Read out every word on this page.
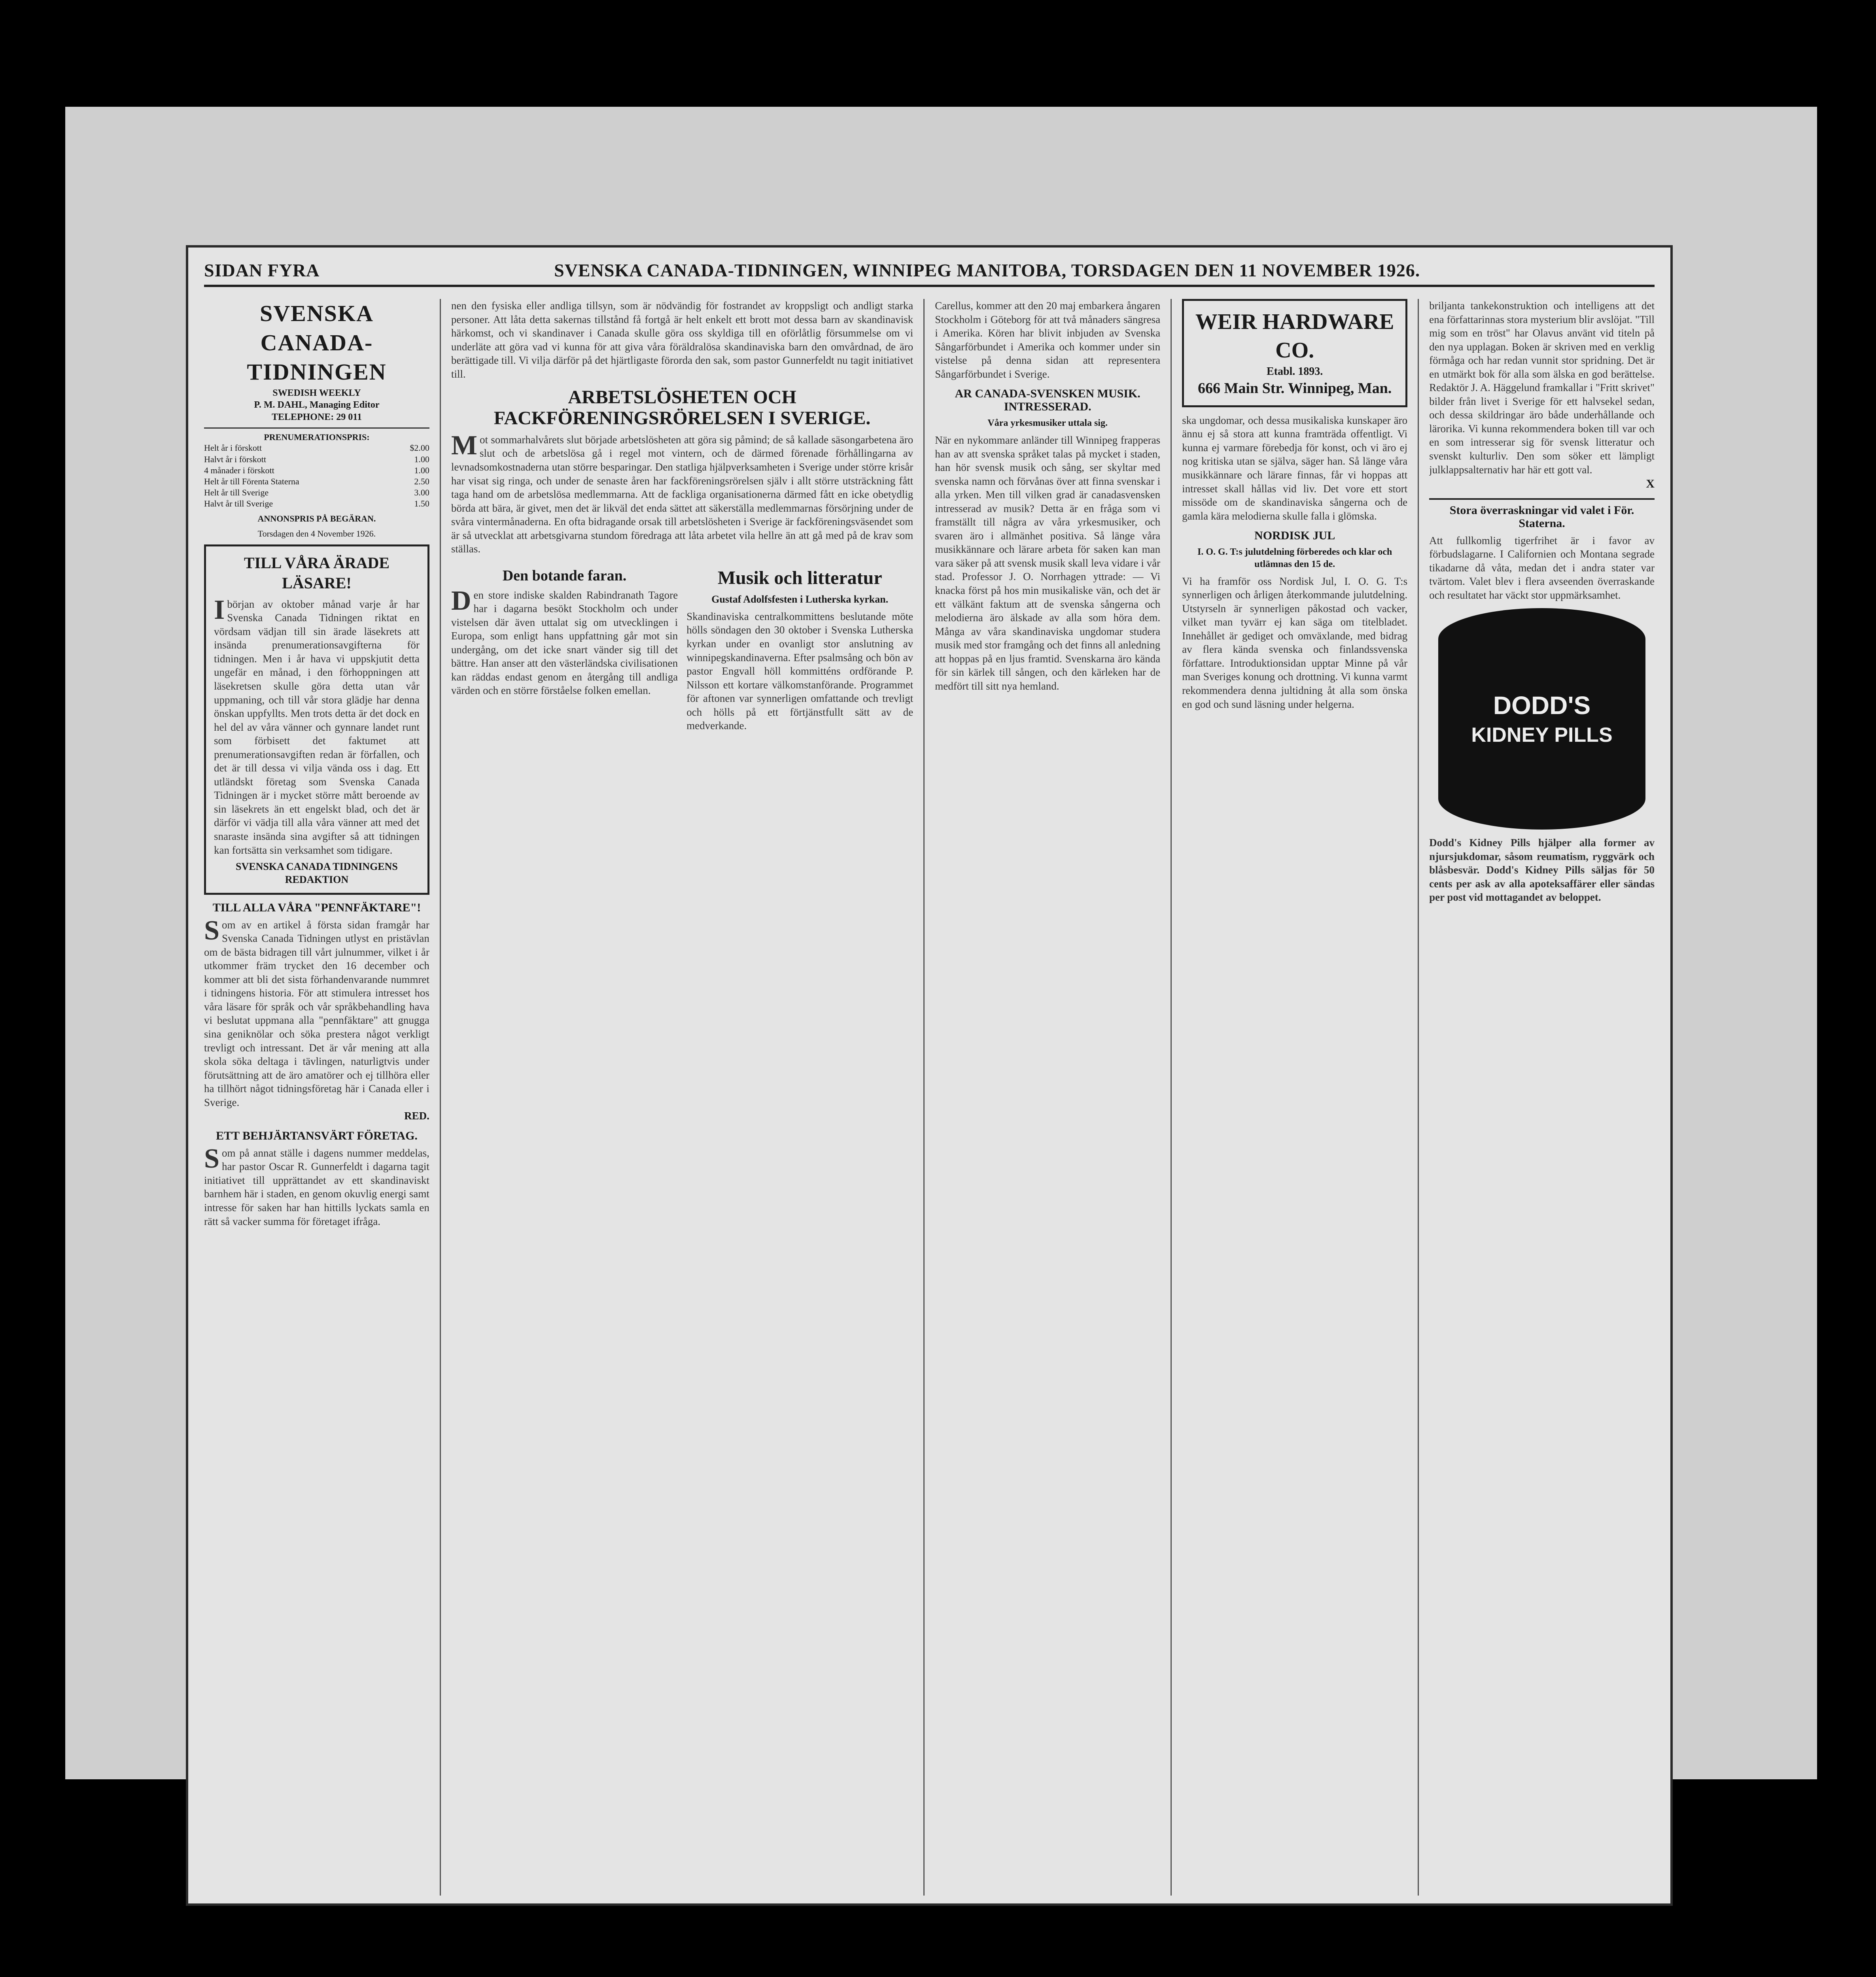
SIDAN FYRA	SVENSKA CANADA-TIDNINGEN, WINNIPEG MANITOBA, TORSDAGEN DEN 11 NOVEMBER 1926.
SVENSKA CANADA-TIDNINGEN
SWEDISH WEEKLY
P. M. DAHL, Managing Editor
TELEPHONE: 29 011
PRENUMERATIONSPRIS:
Helt år i förskott	$2.00
Halvt år i förskott	1.00
4 månader i förskott	1.00
Helt år till Förenta Staterna	2.50
Helt år till Sverige	3.00
Halvt år till Sverige	1.50
ANNONSPRIS PÅ BEGÄRAN.
Torsdagen den 4 November 1926.
TILL VÅRA ÄRADE LÄSARE!

Ibörjan av oktober månad varje år har Svenska Canada Tidningen riktat en vördsam vädjan till sin ärade läsekrets att insända prenumerationsavgifterna för tidningen. Men i år hava vi uppskjutit detta ungefär en månad, i den förhoppningen att läsekretsen skulle göra detta utan vår uppmaning, och till vår stora glädje har denna önskan uppfyllts. Men trots detta är det dock en hel del av våra vänner och gynnare landet runt som förbisett det faktumet att prenumerationsavgiften redan är förfallen, och det är till dessa vi vilja vända oss i dag. Ett utländskt företag som Svenska Canada Tidningen är i mycket större mått beroende av sin läsekrets än ett engelskt blad, och det är därför vi vädja till alla våra vänner att med det snaraste insända sina avgifter så att tidningen kan fortsätta sin verksamhet som tidigare.

SVENSKA CANADA TIDNINGENS REDAKTION
TILL ALLA VÅRA "PENNFÄKTARE"!

Som av en artikel å första sidan framgår har Svenska Canada Tidningen utlyst en pristävlan om de bästa bidragen till vårt julnummer, vilket i år utkommer främ trycket den 16 december och kommer att bli det sista förhandenvarande nummret i tidningens historia. För att stimulera intresset hos våra läsare för språk och vår språkbehandling hava vi beslutat uppmana alla "pennfäktare" att gnugga sina geniknölar och söka prestera något verkligt trevligt och intressant. Det är vår mening att alla skola söka deltaga i tävlingen, naturligtvis under förutsättning att de äro amatörer och ej tillhöra eller ha tillhört något tidningsföretag här i Canada eller i Sverige.

RED.
ETT BEHJÄRTANSVÄRT FÖRETAG.

Som på annat ställe i dagens nummer meddelas, har pastor Oscar R. Gunnerfeldt i dagarna tagit initiativet till upprättandet av ett skandinaviskt barnhem här i staden, en genom okuvlig energi samt intresse för saken har han hittills lyckats samla en rätt så vacker summa för företaget ifråga.

nen den fysiska eller andliga tillsyn, som är nödvändig för fostrandet av kroppsligt och andligt starka personer. Att låta detta sakernas tillstånd få fortgå är helt enkelt ett brott mot dessa barn av skandinavisk härkomst, och vi skandinaver i Canada skulle göra oss skyldiga till en oförlåtlig försummelse om vi underläte att göra vad vi kunna för att giva våra föräldralösa skandinaviska barn den omvårdnad, de äro berättigade till. Vi vilja därför på det hjärtligaste förorda den sak, som pastor Gunnerfeldt nu tagit initiativet till.

ARBETSLÖSHETEN OCH FACKFÖRENINGSRÖRELSEN I SVERIGE.

Mot sommarhalvårets slut började arbetslösheten att göra sig påmind; de så kallade säsongarbetena äro slut och de arbetslösa gå i regel mot vintern, och de därmed förenade förhållingarna av levnadsomkostnaderna utan större besparingar. Den statliga hjälpverksamheten i Sverige under större krisår har visat sig ringa, och under de senaste åren har fackföreningsrörelsen själv i allt större utsträckning fått taga hand om de arbetslösa medlemmarna. Att de fackliga organisationerna därmed fått en icke obetydlig börda att bära, är givet, men det är likväl det enda sättet att säkerställa medlemmarnas försörjning under de svåra vintermånaderna. En ofta bidragande orsak till arbetslösheten i Sverige är fackföreningsväsendet som är så utvecklat att arbetsgivarna stundom föredraga att låta arbetet vila hellre än att gå med på de krav som ställas.

Den botande faran.

Den store indiske skalden Rabindranath Tagore har i dagarna besökt Stockholm och under vistelsen där även uttalat sig om utvecklingen i Europa, som enligt hans uppfattning går mot sin undergång, om det icke snart vänder sig till det bättre. Han anser att den västerländska civilisationen kan räddas endast genom en återgång till andliga värden och en större förståelse folken emellan.

Musik och litteratur
Gustaf Adolfsfesten i Lutherska kyrkan.

Skandinaviska centralkommittens beslutande möte hölls söndagen den 30 oktober i Svenska Lutherska kyrkan under en ovanligt stor anslutning av winnipegskandinaverna. Efter psalmsång och bön av pastor Engvall höll kommitténs ordförande P. Nilsson ett kortare välkomstanförande. Programmet för aftonen var synnerligen omfattande och trevligt och hölls på ett förtjänstfullt sätt av de medverkande.

Carellus, kommer att den 20 maj embarkera ångaren Stockholm i Göteborg för att två månaders sängresa i Amerika. Kören har blivit inbjuden av Svenska Sångarförbundet i Amerika och kommer under sin vistelse på denna sidan att representera Sångarförbundet i Sverige.

AR CANADA-SVENSKEN MUSIK. INTRESSERAD.
Våra yrkesmusiker uttala sig.

När en nykommare anländer till Winnipeg frapperas han av att svenska språket talas på mycket i staden, han hör svensk musik och sång, ser skyltar med svenska namn och förvånas över att finna svenskar i alla yrken. Men till vilken grad är canadasvensken intresserad av musik? Detta är en fråga som vi framställt till några av våra yrkesmusiker, och svaren äro i allmänhet positiva. Så länge våra musikkännare och lärare arbeta för saken kan man vara säker på att svensk musik skall leva vidare i vår stad. Professor J. O. Norrhagen yttrade: — Vi knacka först på hos min musikaliske vän, och det är ett välkänt faktum att de svenska sångerna och melodierna äro älskade av alla som höra dem. Många av våra skandinaviska ungdomar studera musik med stor framgång och det finns all anledning att hoppas på en ljus framtid. Svenskarna äro kända för sin kärlek till sången, och den kärleken har de medfört till sitt nya hemland.

WEIR HARDWARE CO.
Etabl. 1893.
666 Main Str. Winnipeg, Man.

ska ungdomar, och dessa musikaliska kunskaper äro ännu ej så stora att kunna framträda offentligt. Vi kunna ej varmare förebedja för konst, och vi äro ej nog kritiska utan se själva, säger han. Så länge våra musikkännare och lärare finnas, får vi hoppas att intresset skall hållas vid liv. Det vore ett stort missöde om de skandinaviska sångerna och de gamla kära melodierna skulle falla i glömska.

NORDISK JUL
I. O. G. T:s julutdelning förberedes och klar och utlämnas den 15 de.

Vi ha framför oss Nordisk Jul, I. O. G. T:s synnerligen och årligen återkommande julutdelning. Utstyrseln är synnerligen påkostad och vacker, vilket man tyvärr ej kan säga om titelbladet. Innehållet är gediget och omväxlande, med bidrag av flera kända svenska och finlandssvenska författare. Introduktionsidan upptar Minne på vår man Sveriges konung och drottning. Vi kunna varmt rekommendera denna jultidning åt alla som önska en god och sund läsning under helgerna.

briljanta tankekonstruktion och intelligens att det ena författarinnas stora mysterium blir avslöjat. "Till mig som en tröst" har Olavus använt vid titeln på den nya upplagan. Boken är skriven med en verklig förmåga och har redan vunnit stor spridning. Det är en utmärkt bok för alla som älska en god berättelse. Redaktör J. A. Häggelund framkallar i "Fritt skrivet" bilder från livet i Sverige för ett halvsekel sedan, och dessa skildringar äro både underhållande och lärorika. Vi kunna rekommendera boken till var och en som intresserar sig för svensk litteratur och svenskt kulturliv. Den som söker ett lämpligt julklappsalternativ har här ett gott val.

X
Stora överraskningar vid valet i För. Staterna.

Att fullkomlig tigerfrihet är i favor av förbudslagarne. I Californien och Montana segrade tikadarne då våta, medan det i andra stater var tvärtom. Valet blev i flera avseenden överraskande och resultatet har väckt stor uppmärksamhet.

DODD'S
KIDNEY PILLS

Dodd's Kidney Pills hjälper alla former av njursjukdomar, såsom reumatism, ryggvärk och blåsbesvär. Dodd's Kidney Pills säljas för 50 cents per ask av alla apoteksaffärer eller sändas per post vid mottagandet av beloppet.
